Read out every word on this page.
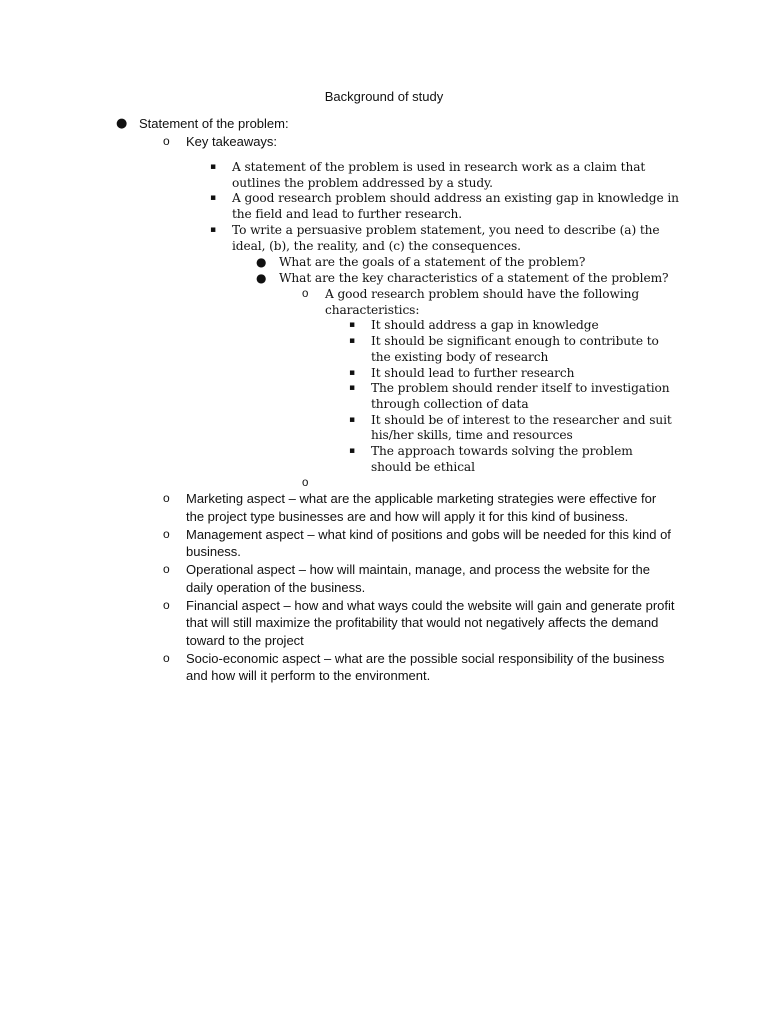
Background of study
● Statement of the problem:
o Key takeaways:
▪ A statement of the problem is used in research work as a claim that
outlines the problem addressed by a study.
▪ A good research problem should address an existing gap in knowledge in
the field and lead to further research.
▪ To write a persuasive problem statement, you need to describe (a) the
ideal, (b), the reality, and (c) the consequences.
● What are the goals of a statement of the problem?
● What are the key characteristics of a statement of the problem?
o A good research problem should have the following
characteristics:
▪ It should address a gap in knowledge
▪ It should be significant enough to contribute to
the existing body of research
▪ It should lead to further research
▪ The problem should render itself to investigation
through collection of data
▪ It should be of interest to the researcher and suit
his/her skills, time and resources
▪ The approach towards solving the problem
should be ethical
o
o Marketing aspect – what are the applicable marketing strategies were effective for
the project type businesses are and how will apply it for this kind of business.
o Management aspect – what kind of positions and gobs will be needed for this kind of
business.
o Operational aspect – how will maintain, manage, and process the website for the
daily operation of the business.
o Financial aspect – how and what ways could the website will gain and generate profit
that will still maximize the profitability that would not negatively affects the demand
toward to the project
o Socio-economic aspect – what are the possible social responsibility of the business
and how will it perform to the environment.
